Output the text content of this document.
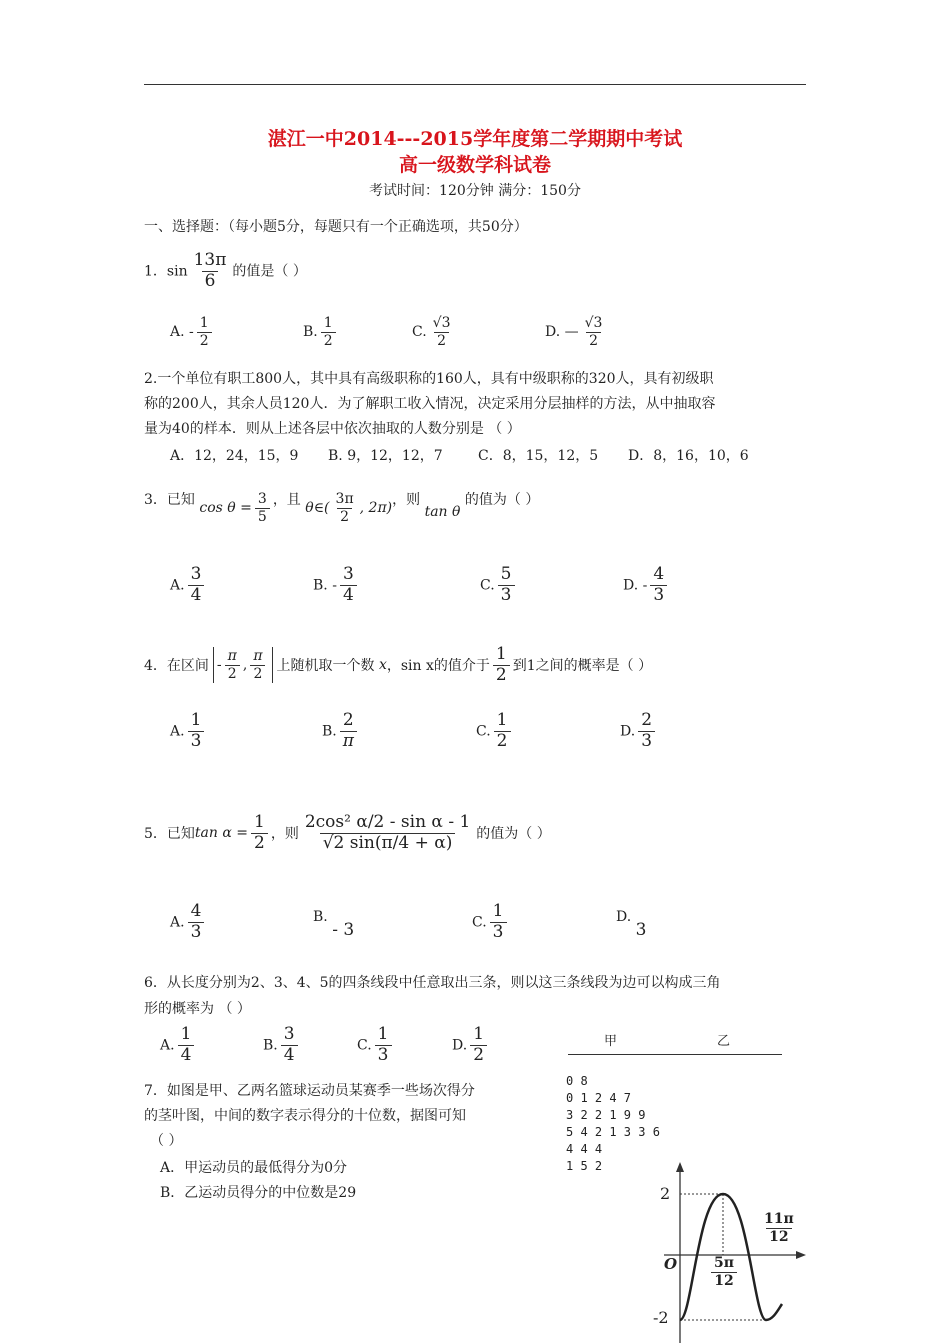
湛江一中2014---2015学年度第二学期期中考试
高一级数学科试卷
考试时间：120分钟 满分：150分
一、选择题：（每小题5分，每题只有一个正确选项，共50分）
1．$\sin \frac{13\pi}{6}$ 的值是（ ）
A. - $\frac{1}{2}$	B. $\frac{1}{2}$	C. $\frac{√3}{2}$	D. — $\frac{√3}{2}$
2.一个单位有职工800人，其中具有高级职称的160人，具有中级职称的320人，具有初级职
称的200人，其余人员120人．为了解职工收入情况，决定采用分层抽样的方法，从中抽取容
量为40的样本．则从上述各层中依次抽取的人数分别是 （ ）
A．12，24，15，9 B. 9，12，12，7	C．8，15，12，5 D．8，16，10，6
3．已知 $\cos \theta = \frac{3}{5}$ ，且 θ∈( $\frac{3\pi}{2}$ , 2π)，则 tan θ 的值为（ ）
A. $\frac{3}{4}$	B. - $\frac{3}{4}$	C. $\frac{5}{3}$	D. - $\frac{4}{3}$
4．在区间 - $\frac{\pi}{2}$ , $\frac{\pi}{2}$ 上随机取一个数
x ，sin x 的值介于 $\frac{1}{2}$ 到1之间的概率是（ ）
A. $\frac{1}{3}$	B. $\frac{2}{\pi}$	C. $\frac{1}{2}$	D. $\frac{2}{3}$
5．已知 $\tan \alpha = \frac{1}{2}$ ，则 $\frac{\text{2cos² α/2 - sin α - 1}}{√2 \sin(\pi/4 + \alpha)}$ 的值为（ ）
A. $\frac{4}{3}$	B. - 3	C. $\frac{1}{3}$	D. 3
6．从长度分别为2、3、4、5的四条线段中任意取出三条，则以这三条线段为边可以构成三角
形的概率为 （ ）
A. $\frac{1}{4}$	B. $\frac{3}{4}$	C. $\frac{1}{3}$	D. $\frac{1}{2}$	甲	乙
0 8
0 1 2 4 7
3 2 2 1 9 9
5 4 2 1 3 3 6
4 4 4
1 5 2
7．如图是甲、乙两名篮球运动员某赛季一些场次得分
的茎叶图，中间的数字表示得分的十位数，据图可知
（ ）
A．甲运动员的最低得分为0分
B．乙运动员得分的中位数是29	2
-2
O $\frac{5\pi}{12}$
$\frac{11\pi}{12}$
